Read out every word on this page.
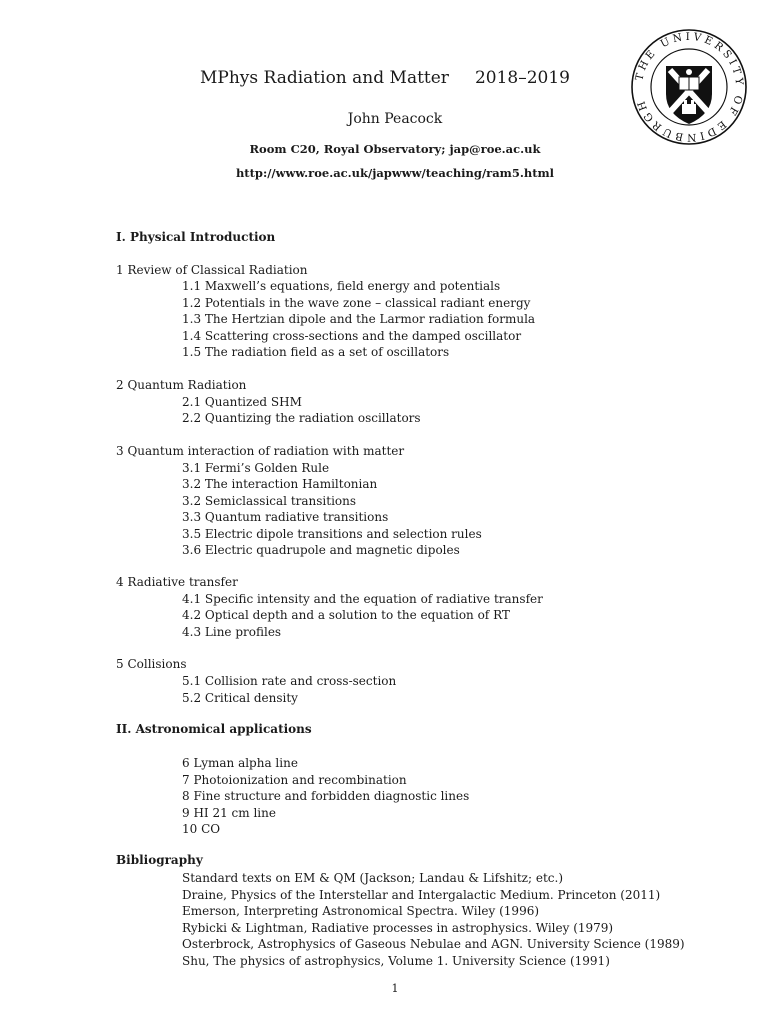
THE UNIVERSITY OF EDINBURGH
MPhys Radiation and Matter 2018–2019
John Peacock
Room C20, Royal Observatory; jap@roe.ac.uk
http://www.roe.ac.uk/japwww/teaching/ram5.html
I. Physical Introduction
1 Review of Classical Radiation
1.1 Maxwell’s equations, field energy and potentials
1.2 Potentials in the wave zone – classical radiant energy
1.3 The Hertzian dipole and the Larmor radiation formula
1.4 Scattering cross-sections and the damped oscillator
1.5 The radiation field as a set of oscillators
2 Quantum Radiation
2.1 Quantized SHM
2.2 Quantizing the radiation oscillators
3 Quantum interaction of radiation with matter
3.1 Fermi’s Golden Rule
3.2 The interaction Hamiltonian
3.2 Semiclassical transitions
3.3 Quantum radiative transitions
3.5 Electric dipole transitions and selection rules
3.6 Electric quadrupole and magnetic dipoles
4 Radiative transfer
4.1 Specific intensity and the equation of radiative transfer
4.2 Optical depth and a solution to the equation of RT
4.3 Line profiles
5 Collisions
5.1 Collision rate and cross-section
5.2 Critical density
II. Astronomical applications
6 Lyman alpha line
7 Photoionization and recombination
8 Fine structure and forbidden diagnostic lines
9 HI 21 cm line
10 CO
Bibliography
Standard texts on EM & QM (Jackson; Landau & Lifshitz; etc.)
Draine, Physics of the Interstellar and Intergalactic Medium. Princeton (2011)
Emerson, Interpreting Astronomical Spectra. Wiley (1996)
Rybicki & Lightman, Radiative processes in astrophysics. Wiley (1979)
Osterbrock, Astrophysics of Gaseous Nebulae and AGN. University Science (1989)
Shu, The physics of astrophysics, Volume 1. University Science (1991)
1
